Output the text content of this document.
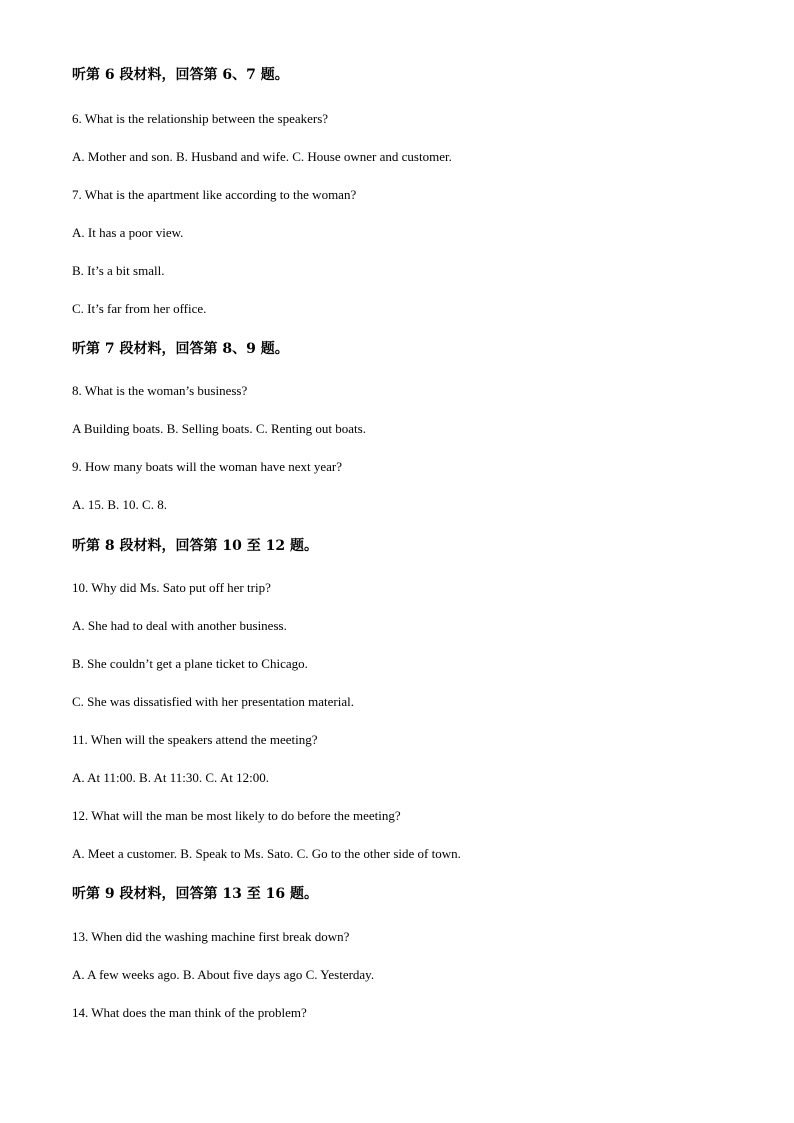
听第 6 段材料，回答第 6、7 题。
6. What is the relationship between the speakers?
A. Mother and son. B. Husband and wife. C. House owner and customer.
7. What is the apartment like according to the woman?
A. It has a poor view.
B. It’s a bit small.
C. It’s far from her office.
听第 7 段材料，回答第 8、9 题。
8. What is the woman’s business?
A Building boats. B. Selling boats. C. Renting out boats.
9. How many boats will the woman have next year?
A. 15. B. 10. C. 8.
听第 8 段材料，回答第 10 至 12 题。
10. Why did Ms. Sato put off her trip?
A. She had to deal with another business.
B. She couldn’t get a plane ticket to Chicago.
C. She was dissatisfied with her presentation material.
11. When will the speakers attend the meeting?
A. At 11:00. B. At 11:30. C. At 12:00.
12. What will the man be most likely to do before the meeting?
A. Meet a customer. B. Speak to Ms. Sato. C. Go to the other side of town.
听第 9 段材料，回答第 13 至 16 题。
13. When did the washing machine first break down?
A. A few weeks ago. B. About five days ago C. Yesterday.
14. What does the man think of the problem?
